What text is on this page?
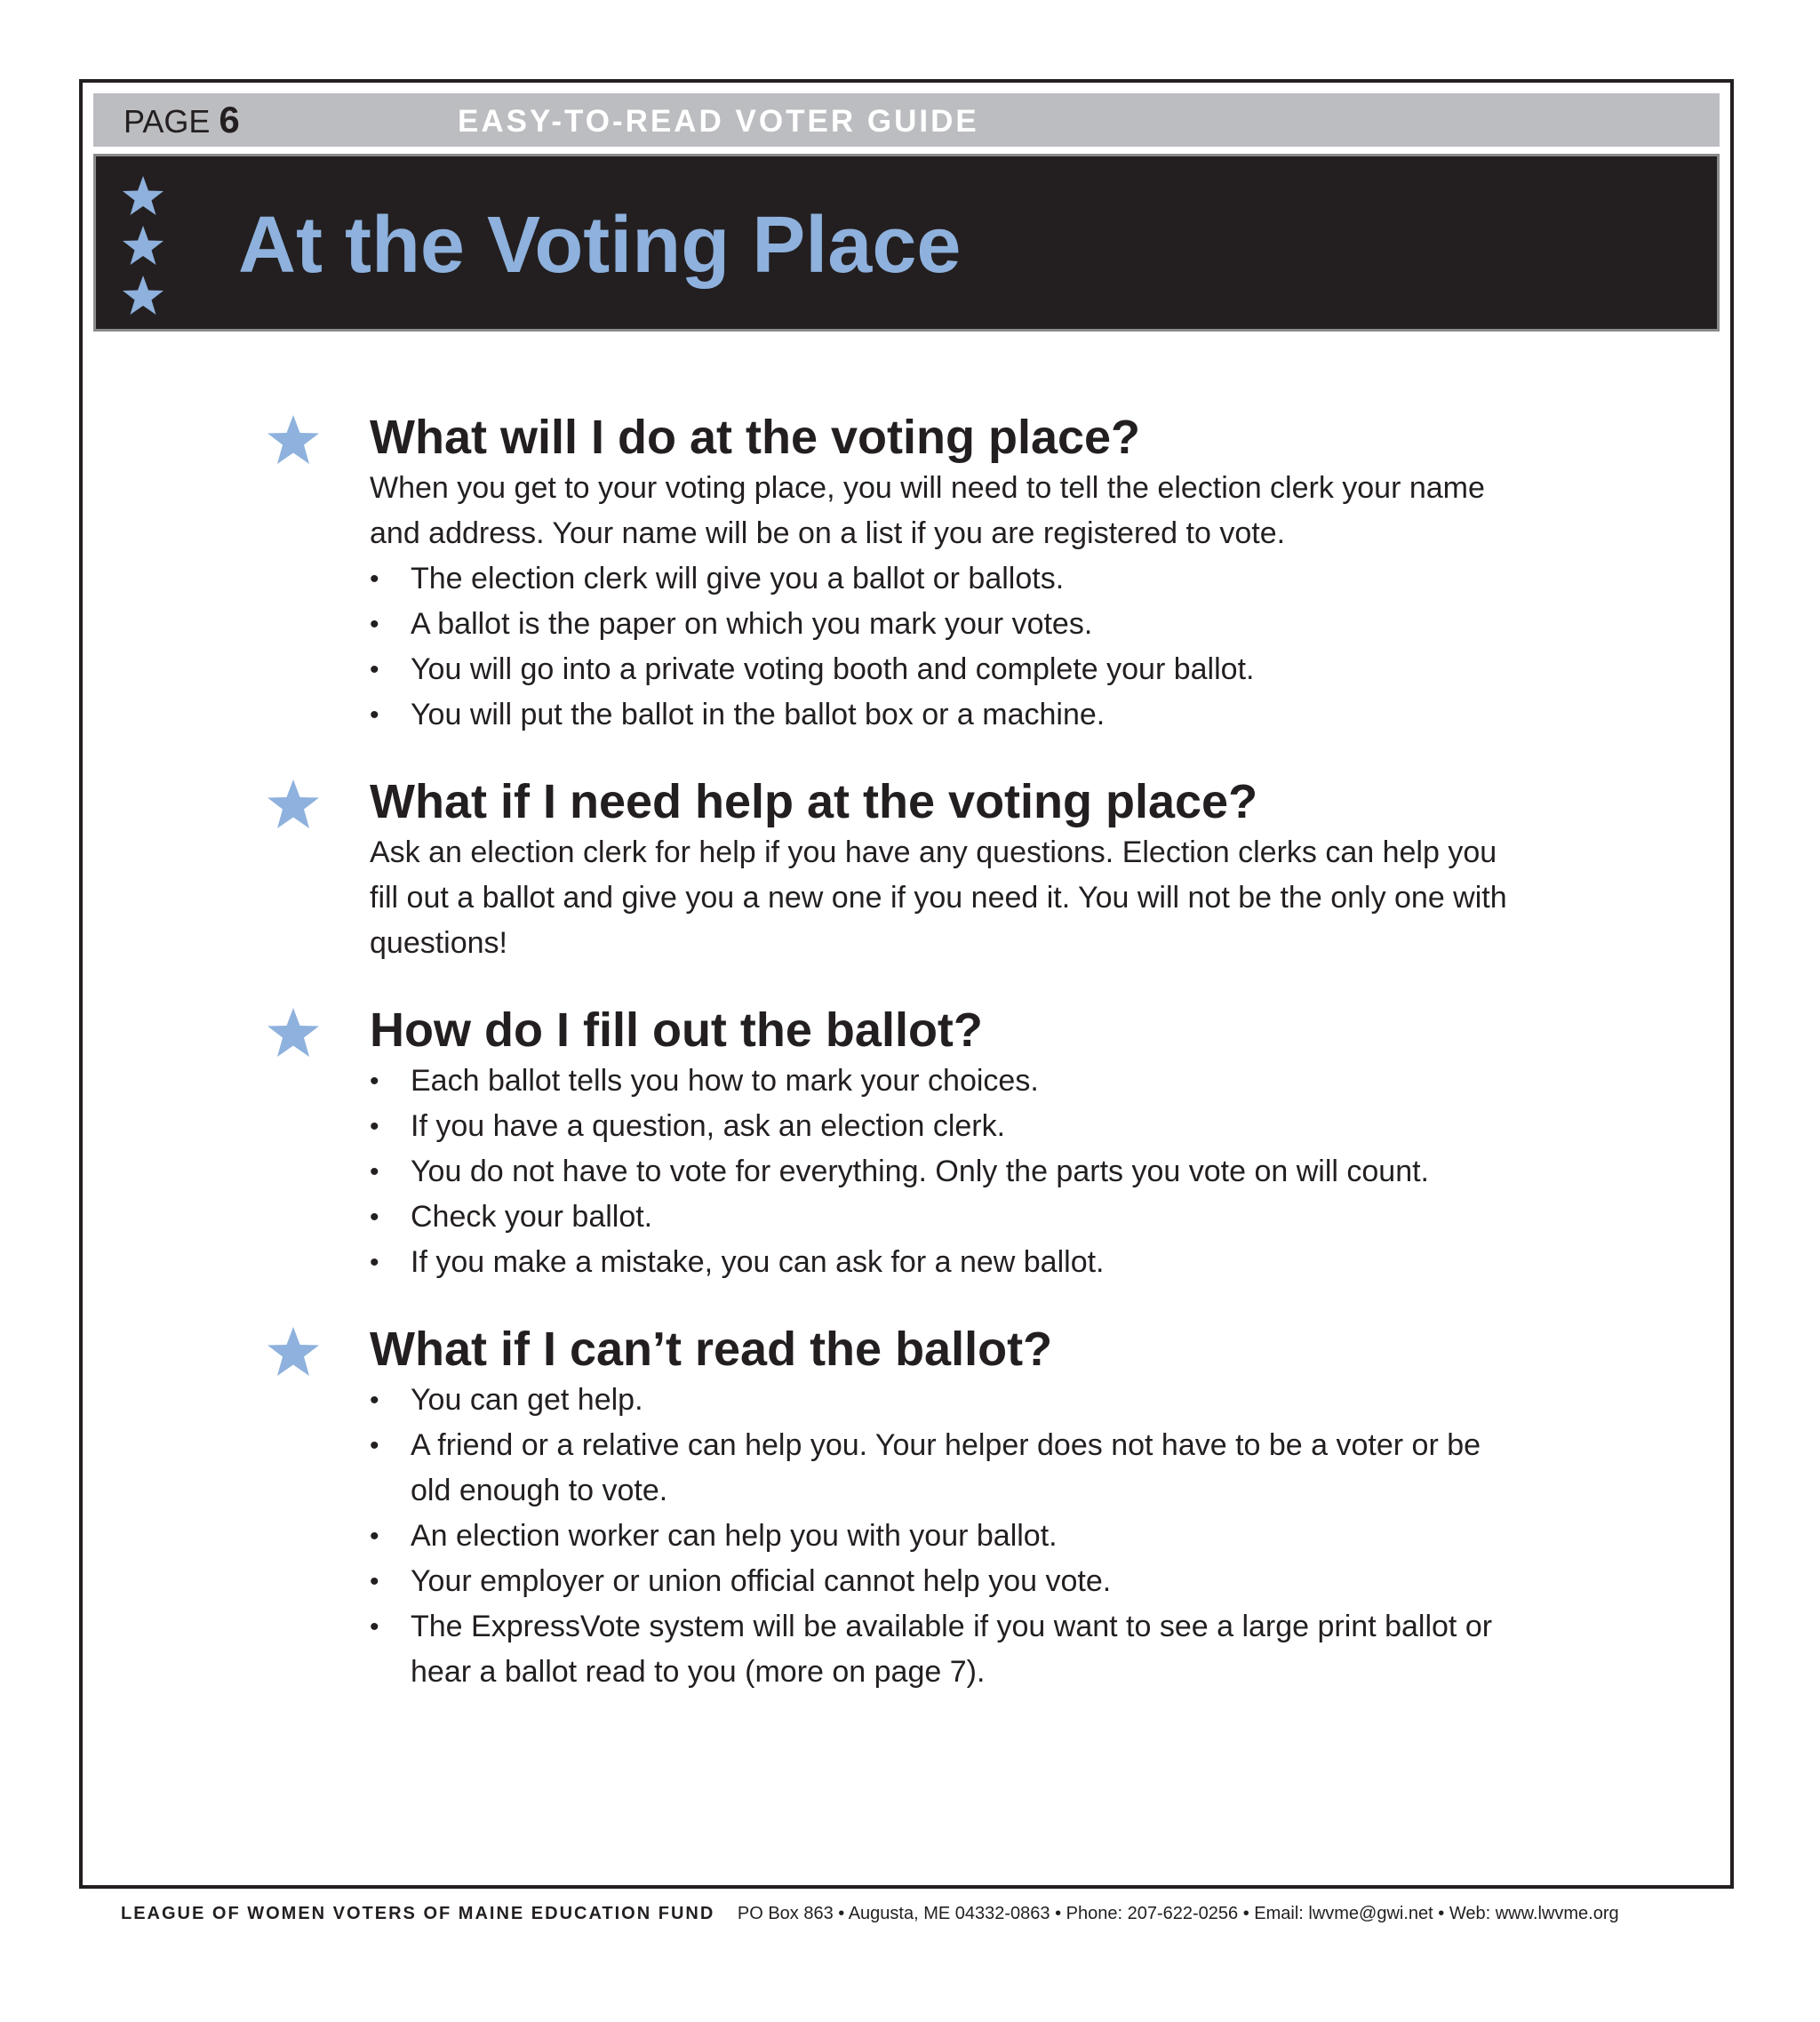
PAGE 6	EASY-TO-READ VOTER GUIDE
At the Voting Place
What will I do at the voting place?

When you get to your voting place, you will need to tell the election clerk your name and address. Your name will be on a list if you are registered to vote.

• The election clerk will give you a ballot or ballots.
• A ballot is the paper on which you mark your votes.
• You will go into a private voting booth and complete your ballot.
• You will put the ballot in the ballot box or a machine.
What if I need help at the voting place?

Ask an election clerk for help if you have any questions. Election clerks can help you fill out a ballot and give you a new one if you need it. You will not be the only one with questions!

How do I fill out the ballot?
• Each ballot tells you how to mark your choices.
• If you have a question, ask an election clerk.
• You do not have to vote for everything. Only the parts you vote on will count.
• Check your ballot.
• If you make a mistake, you can ask for a new ballot.
What if I can’t read the ballot?
• You can get help.
• A friend or a relative can help you. Your helper does not have to be a voter or be old enough to vote.
• An election worker can help you with your ballot.
• Your employer or union official cannot help you vote.
• The ExpressVote system will be available if you want to see a large print ballot or hear a ballot read to you (more on page 7).
LEAGUE OF WOMEN VOTERS OF MAINE EDUCATION FUND PO Box 863 • Augusta, ME 04332-0863 • Phone: 207-622-0256 • Email: lwvme@gwi.net • Web: www.lwvme.org
